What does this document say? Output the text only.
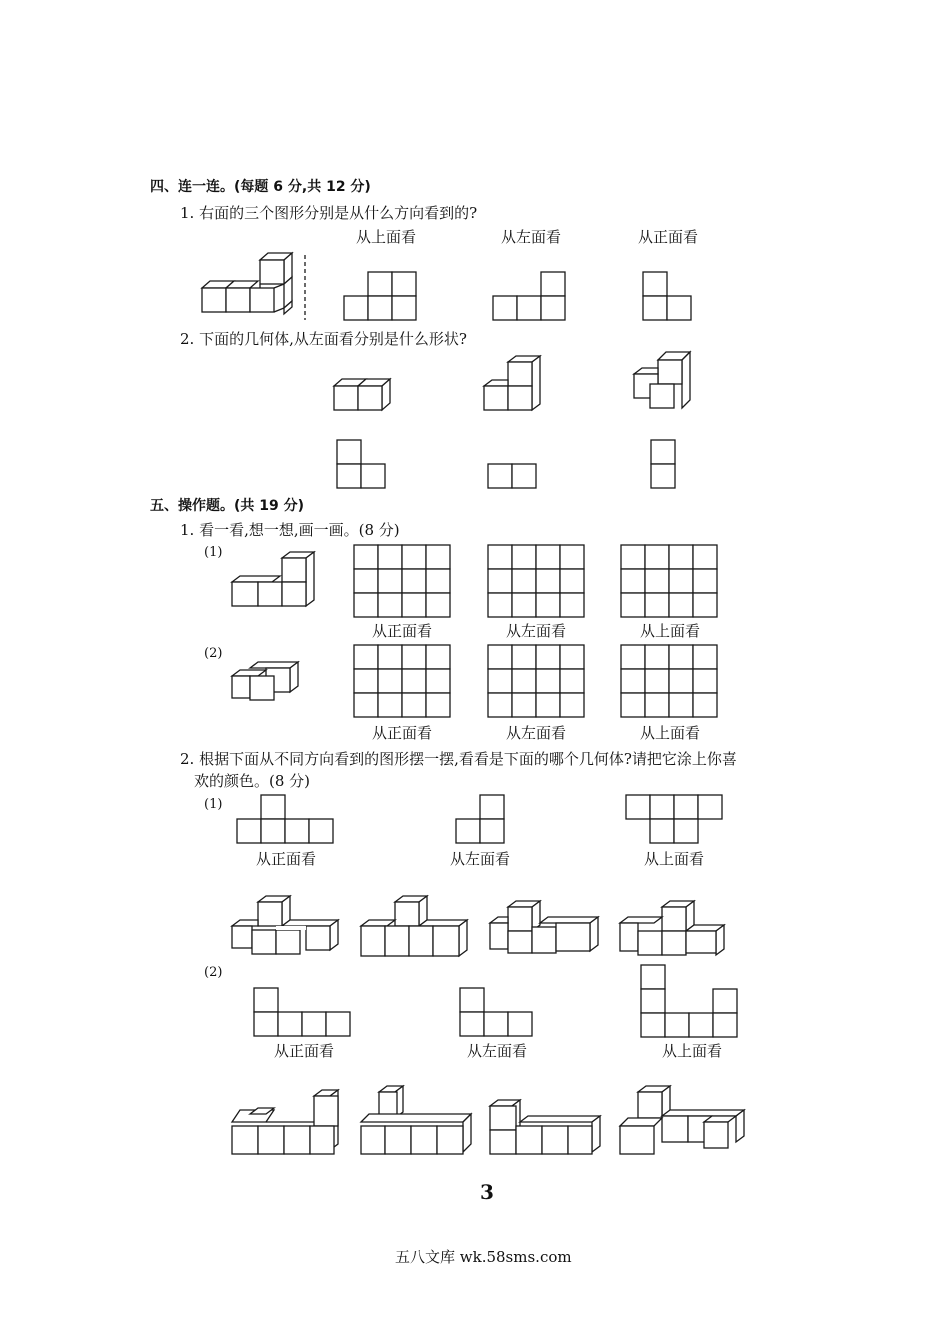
四、连一连。(每题 6 分,共 12 分)
1. 右面的三个图形分别是从什么方向看到的?
从上面看	从左面看	从正面看
2. 下面的几何体,从左面看分别是什么形状?
五、操作题。(共 19 分)
1. 看一看,想一想,画一画。(8 分)
(1)
从正面看	从左面看	从上面看
(2)
从正面看	从左面看	从上面看
2. 根据下面从不同方向看到的图形摆一摆,看看是下面的哪个几何体?请把它涂上你喜
欢的颜色。(8 分)
(1)
从正面看	从左面看	从上面看
(2)
从正面看	从左面看	从上面看
3
五八文库 wk.58sms.com
